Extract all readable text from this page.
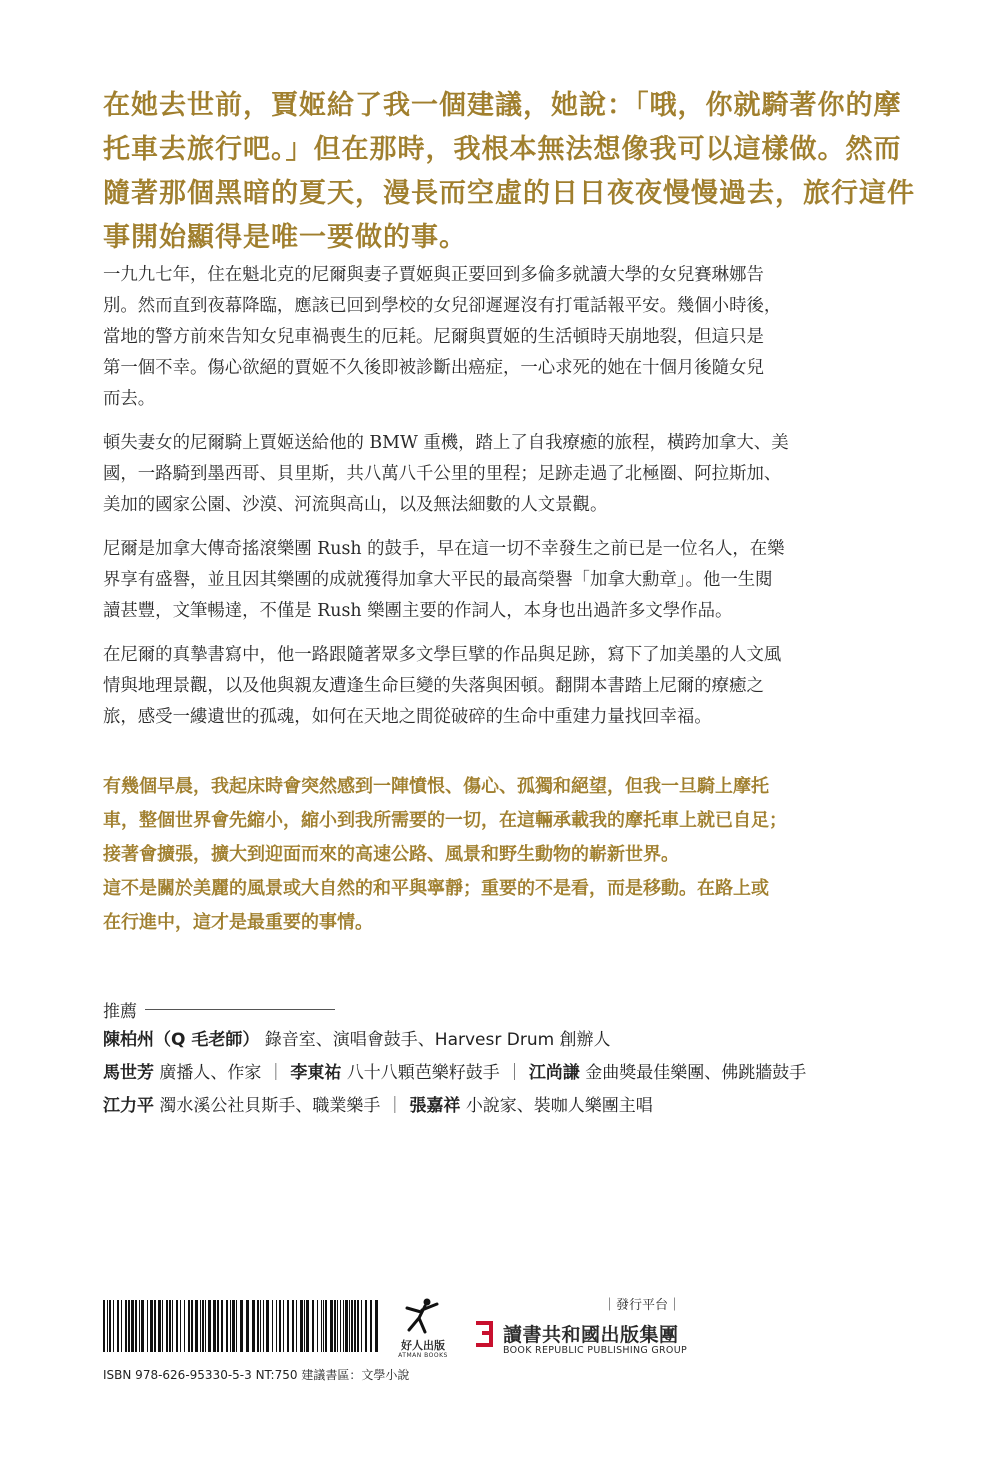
在她去世前，賈姬給了我一個建議，她說：「哦，你就騎著你的摩
托車去旅行吧。」但在那時，我根本無法想像我可以這樣做。然而
隨著那個黑暗的夏天，漫長而空虛的日日夜夜慢慢過去，旅行這件
事開始顯得是唯一要做的事。

一九九七年，住在魁北克的尼爾與妻子賈姬與正要回到多倫多就讀大學的女兒賽琳娜告
別。然而直到夜幕降臨，應該已回到學校的女兒卻遲遲沒有打電話報平安。幾個小時後，
當地的警方前來告知女兒車禍喪生的厄耗。尼爾與賈姬的生活頓時天崩地裂，但這只是
第一個不幸。傷心欲絕的賈姬不久後即被診斷出癌症，一心求死的她在十個月後隨女兒
而去。

頓失妻女的尼爾騎上賈姬送給他的 BMW 重機，踏上了自我療癒的旅程，橫跨加拿大、美
國，一路騎到墨西哥、貝里斯，共八萬八千公里的里程；足跡走過了北極圈、阿拉斯加、
美加的國家公園、沙漠、河流與高山，以及無法細數的人文景觀。

尼爾是加拿大傳奇搖滾樂團 Rush 的鼓手，早在這一切不幸發生之前已是一位名人，在樂
界享有盛譽，並且因其樂團的成就獲得加拿大平民的最高榮譽「加拿大勳章」。他一生閱
讀甚豐，文筆暢達，不僅是 Rush 樂團主要的作詞人，本身也出過許多文學作品。

在尼爾的真摯書寫中，他一路跟隨著眾多文學巨擘的作品與足跡，寫下了加美墨的人文風
情與地理景觀，以及他與親友遭逢生命巨變的失落與困頓。翻開本書踏上尼爾的療癒之
旅，感受一縷遺世的孤魂，如何在天地之間從破碎的生命中重建力量找回幸福。

有幾個早晨，我起床時會突然感到一陣憤恨、傷心、孤獨和絕望，但我一旦騎上摩托
車，整個世界會先縮小，縮小到我所需要的一切，在這輛承載我的摩托車上就已自足；
接著會擴張，擴大到迎面而來的高速公路、風景和野生動物的嶄新世界。

這不是關於美麗的風景或大自然的和平與寧靜；重要的不是看，而是移動。在路上或
在行進中，這才是最重要的事情。

推薦
陳柏州（Q 毛老師） 錄音室、演唱會鼓手、Harvesr Drum 創辦人
馬世芳 廣播人、作家 ｜ 李東祐 八十八顆芭樂籽鼓手 ｜ 江尚謙 金曲獎最佳樂團、佛跳牆鼓手
江力平 濁水溪公社貝斯手、職業樂手 ｜ 張嘉祥 小說家、裝咖人樂團主唱
ISBN 978-626-95330-5-3 NT:750 建議書區：文學小說
好人出版
ATMAN BOOKS
｜發行平台｜
讀書共和國出版集團
BOOK REPUBLIC PUBLISHING GROUP
